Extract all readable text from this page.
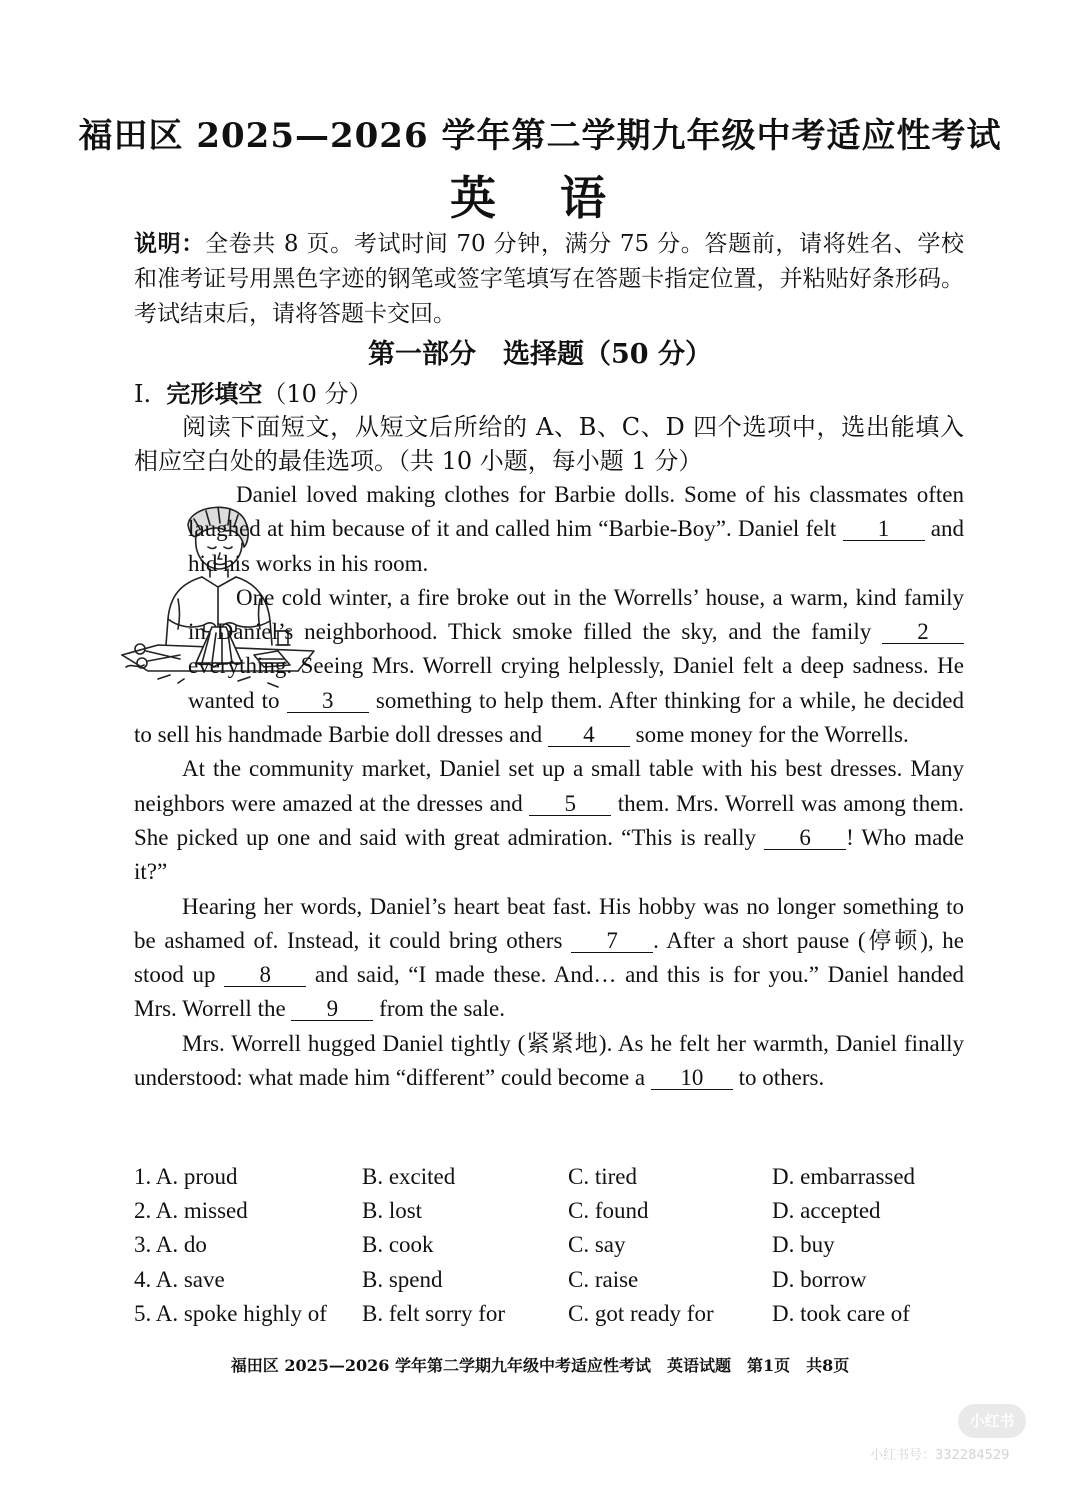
福田区 2025—2026 学年第二学期九年级中考适应性考试
英 语
说明：全卷共 8 页。考试时间 70 分钟，满分 75 分。答题前，请将姓名、学校和准考证号用黑色字迹的钢笔或签字笔填写在答题卡指定位置，并粘贴好条形码。考试结束后，请将答题卡交回。
第一部分　选择题（50 分）
I. 完形填空（10 分）
阅读下面短文，从短文后所给的 A、B、C、D 四个选项中，选出能填入相应空白处的最佳选项。（共 10 小题，每小题 1 分）

Daniel loved making clothes for Barbie dolls. Some of his classmates often laughed at him because of it and called him “Barbie-Boy”. Daniel felt 1 and hid his works in his room.

One cold winter, a fire broke out in the Worrells’ house, a warm, kind family in Daniel’s neighborhood. Thick smoke filled the sky, and the family 2 everything. Seeing Mrs. Worrell crying helplessly, Daniel felt a deep sadness. He wanted to 3 something to help them. After thinking for a while, he decided to sell his handmade Barbie doll dresses and 4 some money for the Worrells.

At the community market, Daniel set up a small table with his best dresses. Many neighbors were amazed at the dresses and 5 them. Mrs. Worrell was among them. She picked up one and said with great admiration. “This is really 6 ! Who made it?”

Hearing her words, Daniel’s heart beat fast. His hobby was no longer something to be ashamed of. Instead, it could bring others 7 . After a short pause (停顿), he stood up 8 and said, “I made these. And… and this is for you.” Daniel handed Mrs. Worrell the 9 from the sale.

Mrs. Worrell hugged Daniel tightly (紧紧地). As he felt her warmth, Daniel finally understood: what made him “different” could become a 10 to others.

1. A. proud	B. excited	C. tired	D. embarrassed
2. A. missed	B. lost	C. found	D. accepted
3. A. do	B. cook	C. say	D. buy
4. A. save	B. spend	C. raise	D. borrow
5. A. spoke highly of B. felt sorry for	C. got ready for	D. took care of
福田区 2025—2026 学年第二学期九年级中考适应性考试　英语试题　第1页　共8页
小红书
小红书号：332284529
